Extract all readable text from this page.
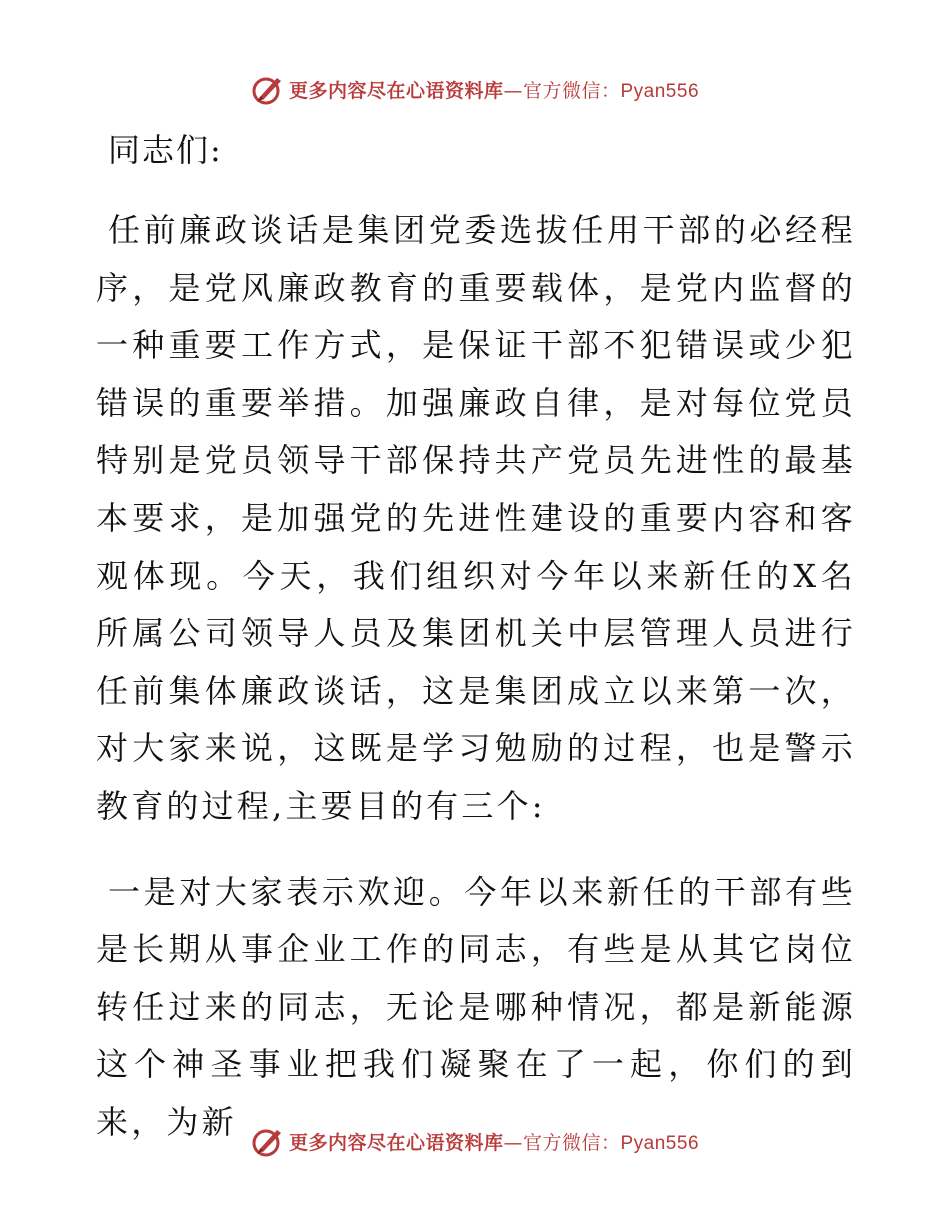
更多内容尽在心语资料库—官方微信：Pyan556
同志们:

任前廉政谈话是集团党委选拔任用干部的必经程序，是党风廉政教育的重要载体，是党内监督的一种重要工作方式，是保证干部不犯错误或少犯错误的重要举措。加强廉政自律，是对每位党员特别是党员领导干部保持共产党员先进性的最基本要求，是加强党的先进性建设的重要内容和客观体现。今天，我们组织对今年以来新任的X名所属公司领导人员及集团机关中层管理人员进行任前集体廉政谈话，这是集团成立以来第一次，对大家来说，这既是学习勉励的过程，也是警示教育的过程,主要目的有三个:

一是对大家表示欢迎。今年以来新任的干部有些是长期从事企业工作的同志，有些是从其它岗位转任过来的同志，无论是哪种情况，都是新能源这个神圣事业把我们凝聚在了一起，你们的到来，为新

更多内容尽在心语资料库—官方微信：Pyan556
